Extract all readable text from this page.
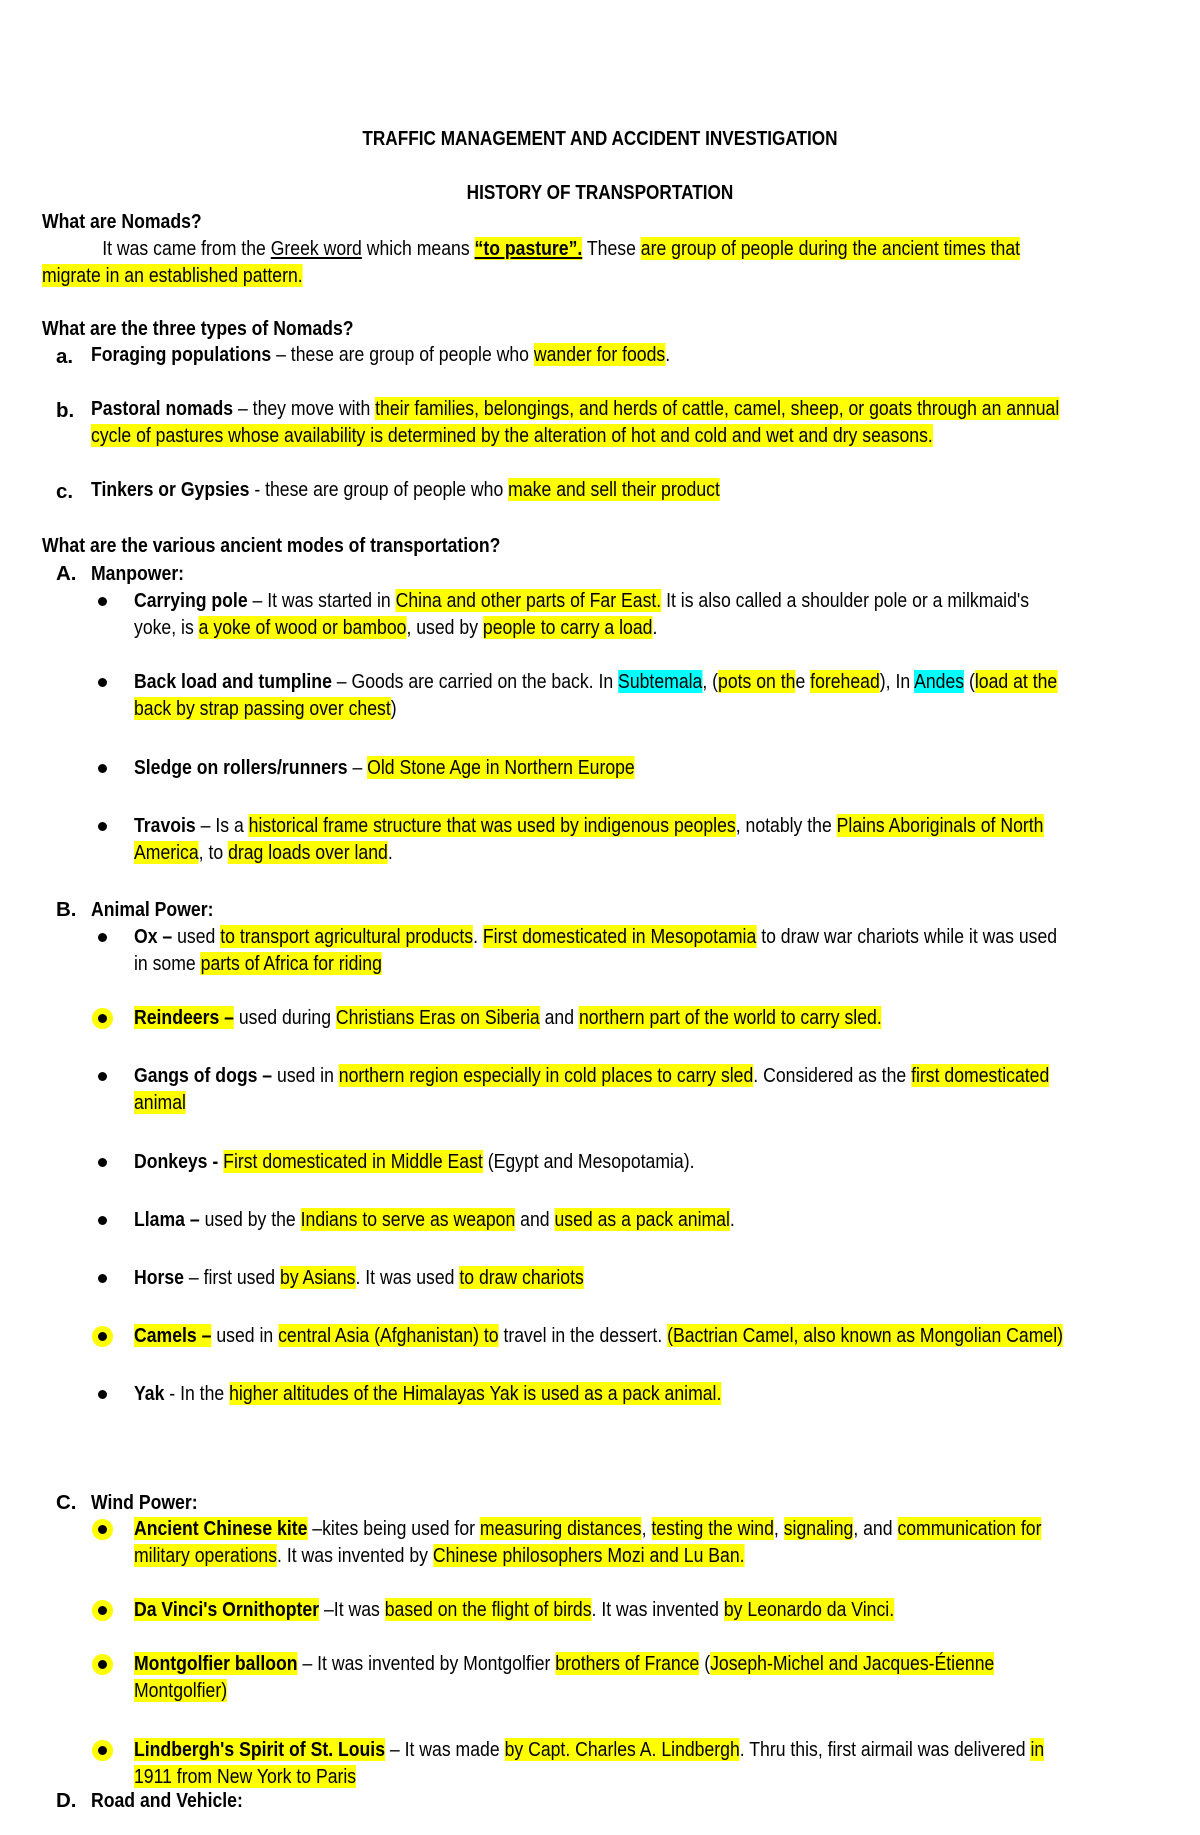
TRAFFIC MANAGEMENT AND ACCIDENT INVESTIGATION
HISTORY OF TRANSPORTATION
What are Nomads?
It was came from the Greek word which means “to pasture”. These are group of people during the ancient times that
migrate in an established pattern.
What are the three types of Nomads?
a. Foraging populations – these are group of people who wander for foods.
b. Pastoral nomads – they move with their families, belongings, and herds of cattle, camel, sheep, or goats through an annual
cycle of pastures whose availability is determined by the alteration of hot and cold and wet and dry seasons.
c. Tinkers or Gypsies - these are group of people who make and sell their product
What are the various ancient modes of transportation?
A. Manpower:
Carrying pole – It was started in China and other parts of Far East. It is also called a shoulder pole or a milkmaid's
yoke, is a yoke of wood or bamboo, used by people to carry a load.
Back load and tumpline – Goods are carried on the back. In Subtemala, (pots on the forehead), In Andes (load at the
back by strap passing over chest)
Sledge on rollers/runners – Old Stone Age in Northern Europe
Travois – Is a historical frame structure that was used by indigenous peoples, notably the Plains Aboriginals of North
America, to drag loads over land.
B. Animal Power:
Ox – used to transport agricultural products. First domesticated in Mesopotamia to draw war chariots while it was used
in some parts of Africa for riding
Reindeers – used during Christians Eras on Siberia and northern part of the world to carry sled.
Gangs of dogs – used in northern region especially in cold places to carry sled. Considered as the first domesticated
animal
Donkeys - First domesticated in Middle East (Egypt and Mesopotamia).
Llama – used by the Indians to serve as weapon and used as a pack animal.
Horse – first used by Asians. It was used to draw chariots
Camels – used in central Asia (Afghanistan) to travel in the dessert. (Bactrian Camel, also known as Mongolian Camel)
Yak - In the higher altitudes of the Himalayas Yak is used as a pack animal.
C. Wind Power:
Ancient Chinese kite –kites being used for measuring distances, testing the wind, signaling, and communication for
military operations. It was invented by Chinese philosophers Mozi and Lu Ban.
Da Vinci's Ornithopter –It was based on the flight of birds. It was invented by Leonardo da Vinci.
Montgolfier balloon – It was invented by Montgolfier brothers of France (Joseph-Michel and Jacques-Étienne
Montgolfier)
Lindbergh's Spirit of St. Louis – It was made by Capt. Charles A. Lindbergh. Thru this, first airmail was delivered in
1911 from New York to Paris
D. Road and Vehicle:
